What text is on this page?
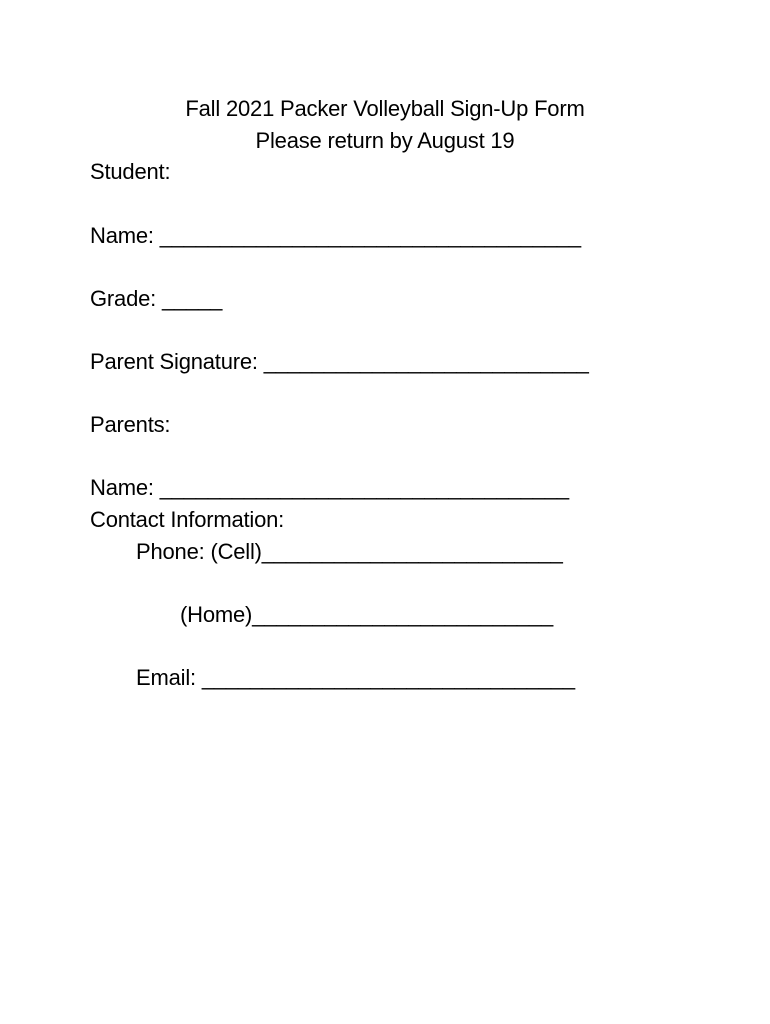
Fall 2021 Packer Volleyball Sign-Up Form
Please return by August 19
Student:
Name: ___________________________________
Grade: _____
Parent Signature: ___________________________
Parents:
Name: __________________________________
Contact Information:
Phone: (Cell)_________________________
(Home)_________________________
Email: _______________________________
